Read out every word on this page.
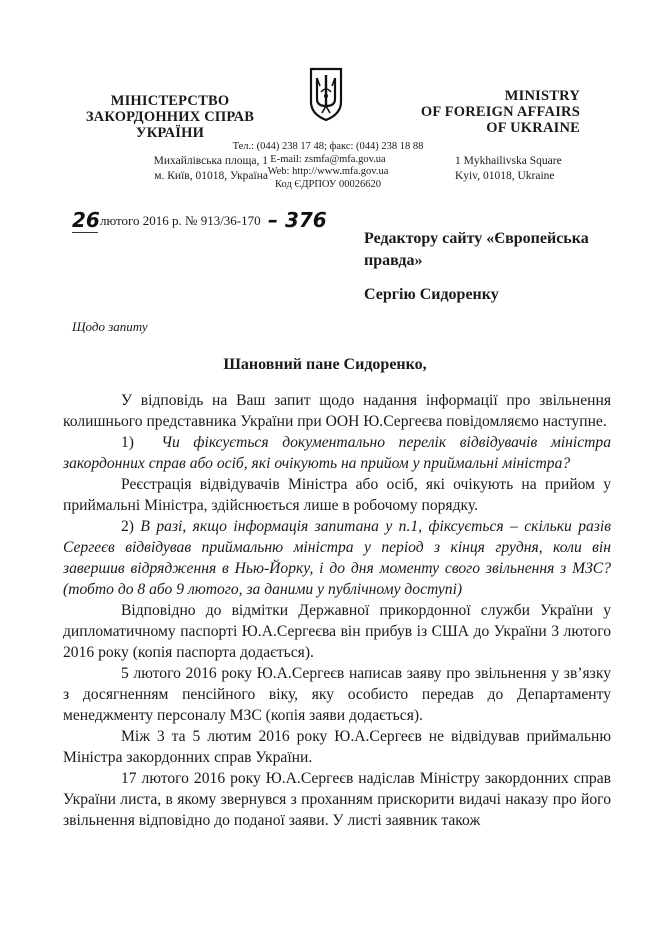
МІНІСТЕРСТВО
ЗАКОРДОННИХ СПРАВ
УКРАЇНИ
Михайлівська площа, 1
м. Київ, 01018, Україна
MINISTRY
OF FOREIGN AFFAIRS
OF UKRAINE
1 Mykhailivska Square
Kyiv, 01018, Ukraine
Тел.: (044) 238 17 48; факс: (044) 238 18 88
E-mail: zsmfa@mfa.gov.ua
Web: http://www.mfa.gov.ua
Код ЄДРПОУ 00026620
26 лютого 2016 р. № 913/36-170 – 376
Редактору сайту «Європейська
правда»
Сергію Сидоренку
Щодо запиту
Шановний пане Сидоренко,

У відповідь на Ваш запит щодо надання інформації про звільнення колишнього представника України при ООН Ю.Сергеєва повідомляємо наступне.

1) Чи фіксується документально перелік відвідувачів міністра закордонних справ або осіб, які очікують на прийом у приймальні міністра?

Реєстрація відвідувачів Міністра або осіб, які очікують на прийом у приймальні Міністра, здійснюється лише в робочому порядку.

2) В разі, якщо інформація запитана у п.1, фіксується – скільки разів Сергеєв відвідував приймальню міністра у період з кінця грудня, коли він завершив відрядження в Нью-Йорку, і до дня моменту свого звільнення з МЗС? (тобто до 8 або 9 лютого, за даними у публічному доступі)

Відповідно до відмітки Державної прикордонної служби України у дипломатичному паспорті Ю.А.Сергеєва він прибув із США до України 3 лютого 2016 року (копія паспорта додається).

5 лютого 2016 року Ю.А.Сергеєв написав заяву про звільнення у зв’язку з досягненням пенсійного віку, яку особисто передав до Департаменту менеджменту персоналу МЗС (копія заяви додається).

Між 3 та 5 лютим 2016 року Ю.А.Сергеєв не відвідував приймальню Міністра закордонних справ України.

17 лютого 2016 року Ю.А.Сергеєв надіслав Міністру закордонних справ України листа, в якому звернувся з проханням прискорити видачі наказу про його звільнення відповідно до поданої заяви. У листі заявник також
